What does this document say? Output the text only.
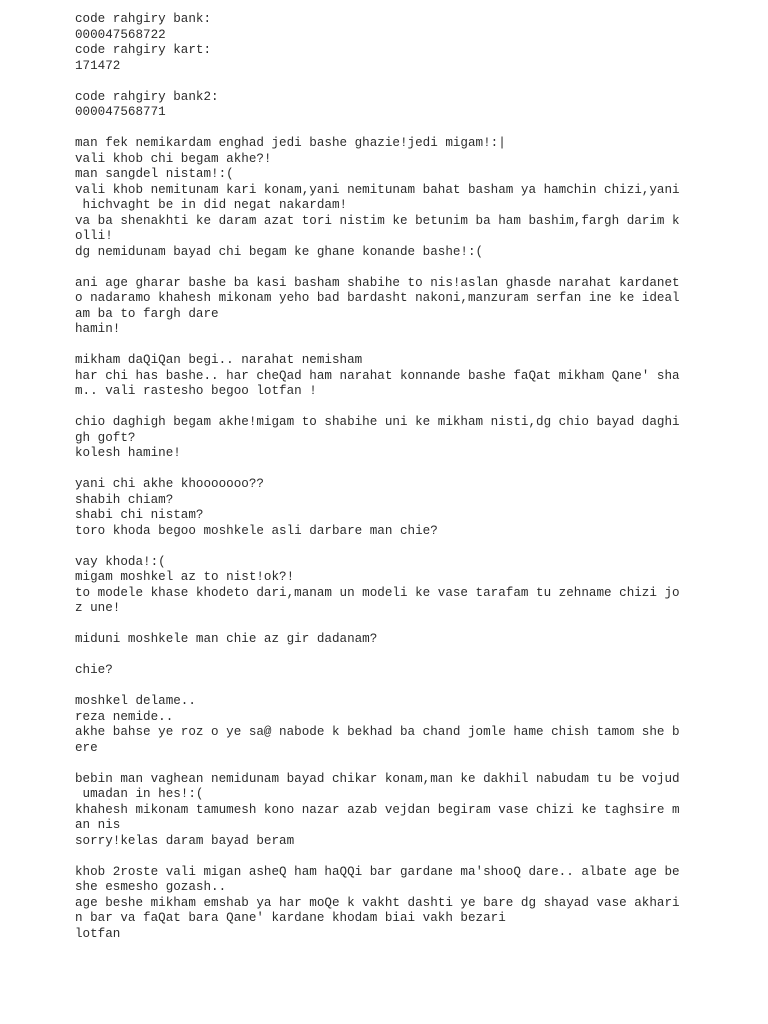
code rahgiry bank:
000047568722
code rahgiry kart:
171472
code rahgiry bank2:
000047568771
man fek nemikardam enghad jedi bashe ghazie!jedi migam!:|
vali khob chi begam akhe?!
man sangdel nistam!:(
vali khob nemitunam kari konam,yani nemitunam bahat basham ya hamchin chizi,yani
hichvaght be in did negat nakardam!
va ba shenakhti ke daram azat tori nistim ke betunim ba ham bashim,fargh darim k
olli!
dg nemidunam bayad chi begam ke ghane konande bashe!:(
ani age gharar bashe ba kasi basham shabihe to nis!aslan ghasde narahat kardanet
o nadaramo khahesh mikonam yeho bad bardasht nakoni,manzuram serfan ine ke ideal
am ba to fargh dare
hamin!
mikham daQiQan begi.. narahat nemisham
har chi has bashe.. har cheQad ham narahat konnande bashe faQat mikham Qane' sha
m.. vali rastesho begoo lotfan !
chio daghigh begam akhe!migam to shabihe uni ke mikham nisti,dg chio bayad daghi
gh goft?
kolesh hamine!
yani chi akhe khooooooo??
shabih chiam?
shabi chi nistam?
toro khoda begoo moshkele asli darbare man chie?
vay khoda!:(
migam moshkel az to nist!ok?!
to modele khase khodeto dari,manam un modeli ke vase tarafam tu zehname chizi jo
z une!
miduni moshkele man chie az gir dadanam?
chie?
moshkel delame..
reza nemide..
akhe bahse ye roz o ye sa@ nabode k bekhad ba chand jomle hame chish tamom she b
ere
bebin man vaghean nemidunam bayad chikar konam,man ke dakhil nabudam tu be vojud
umadan in hes!:(
khahesh mikonam tamumesh kono nazar azab vejdan begiram vase chizi ke taghsire m
an nis
sorry!kelas daram bayad beram
khob 2roste vali migan asheQ ham haQQi bar gardane ma'shooQ dare.. albate age be
she esmesho gozash..
age beshe mikham emshab ya har moQe k vakht dashti ye bare dg shayad vase akhari
n bar va faQat bara Qane' kardane khodam biai vakh bezari
lotfan
